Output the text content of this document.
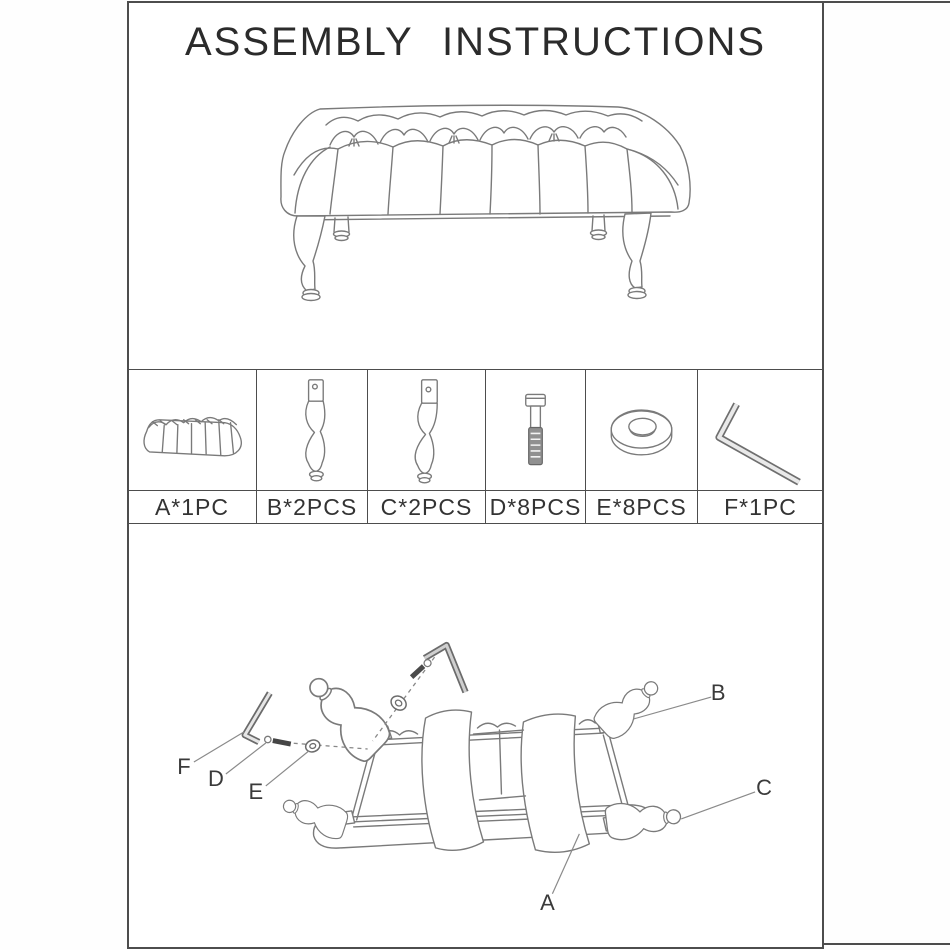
ASSEMBLY INSTRUCTIONS
A*1PC B*2PCS C*2PCS D*8PCS E*8PCS F*1PC
F D
E
B
C
A
